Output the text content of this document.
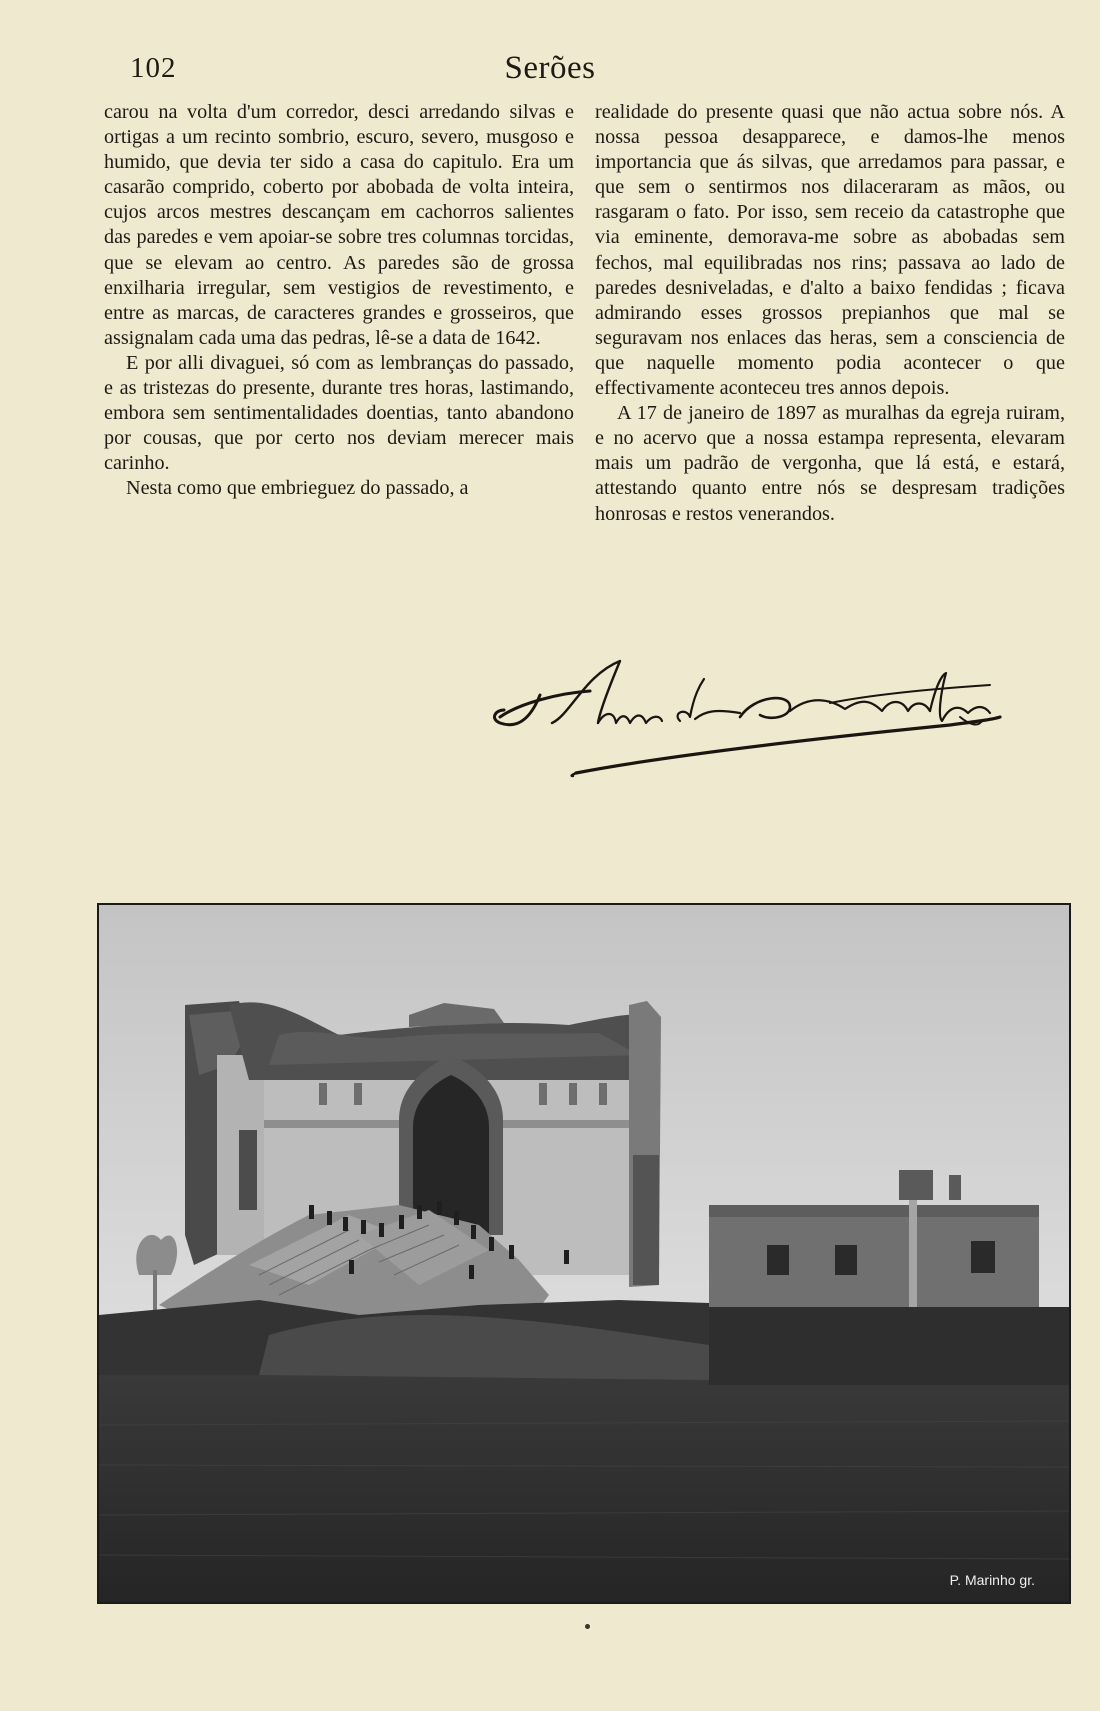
102	Serões

carou na volta d'um corredor, desci arredando silvas e ortigas a um recinto sombrio, escuro, severo, musgoso e humido, que devia ter sido a casa do capitulo. Era um casarão comprido, coberto por abobada de volta inteira, cujos arcos mestres descançam em cachorros salientes das paredes e vem apoiar-se sobre tres columnas torcidas, que se elevam ao centro. As paredes são de grossa enxilharia irregular, sem vestigios de revestimento, e entre as marcas, de caracteres grandes e grosseiros, que assignalam cada uma das pedras, lê-se a data de 1642.

E por alli divaguei, só com as lembranças do passado, e as tristezas do presente, durante tres horas, lastimando, embora sem sentimentalidades doentias, tanto abandono por cousas, que por certo nos deviam merecer mais carinho.

Nesta como que embrieguez do passado, a

realidade do presente quasi que não actua sobre nós. A nossa pessoa desapparece, e damos-lhe menos importancia que ás silvas, que arredamos para passar, e que sem o sentirmos nos dilaceraram as mãos, ou rasgaram o fato. Por isso, sem receio da catastrophe que via eminente, demorava-me sobre as abobadas sem fechos, mal equilibradas nos rins; passava ao lado de paredes desniveladas, e d'alto a baixo fendidas ; ficava admirando esses grossos prepianhos que mal se seguravam nos enlaces das heras, sem a consciencia de que naquelle momento podia acontecer o que effectivamente aconteceu tres annos depois.

A 17 de janeiro de 1897 as muralhas da egreja ruiram, e no acervo que a nossa estampa representa, elevaram mais um padrão de vergonha, que lá está, e estará, attestando quanto entre nós se despresam tradições honrosas e restos venerandos.

P. Marinho gr.
